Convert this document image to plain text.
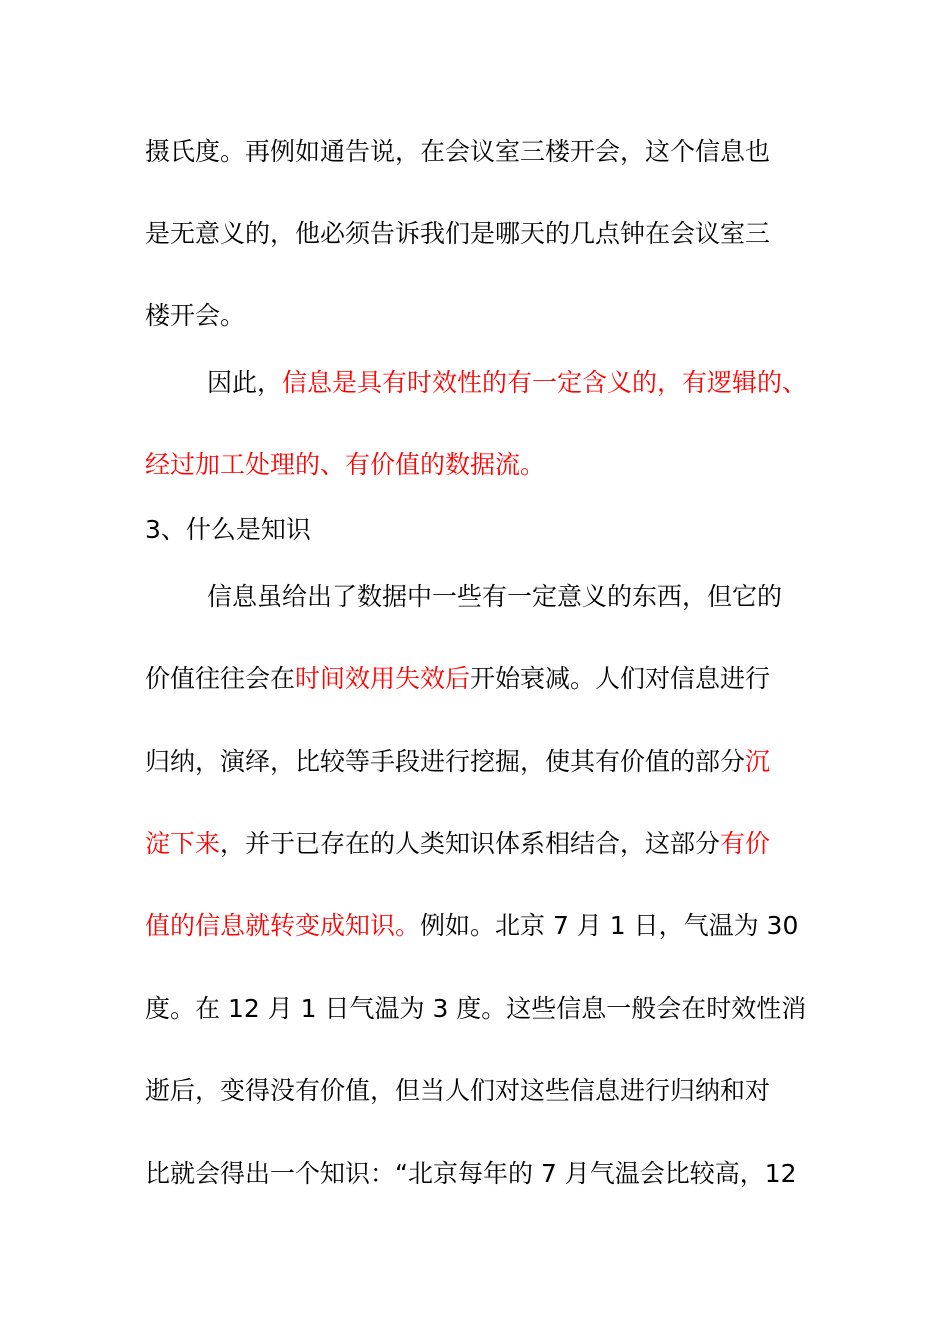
摄氏度。再例如通告说，在会议室三楼开会，这个信息也
是无意义的，他必须告诉我们是哪天的几点钟在会议室三
楼开会。
因此，信息是具有时效性的有一定含义的，有逻辑的、
经过加工处理的、有价值的数据流。
3、什么是知识
信息虽给出了数据中一些有一定意义的东西，但它的
价值往往会在时间效用失效后开始衰减。人们对信息进行
归纳，演绎，比较等手段进行挖掘，使其有价值的部分沉
淀下来，并于已存在的人类知识体系相结合，这部分有价
值的信息就转变成知识。例如。北京 7 月 1 日，气温为 30
度。在 12 月 1 日气温为 3 度。这些信息一般会在时效性消
逝后，变得没有价值，但当人们对这些信息进行归纳和对
比就会得出一个知识：“北京每年的 7 月气温会比较高，12
